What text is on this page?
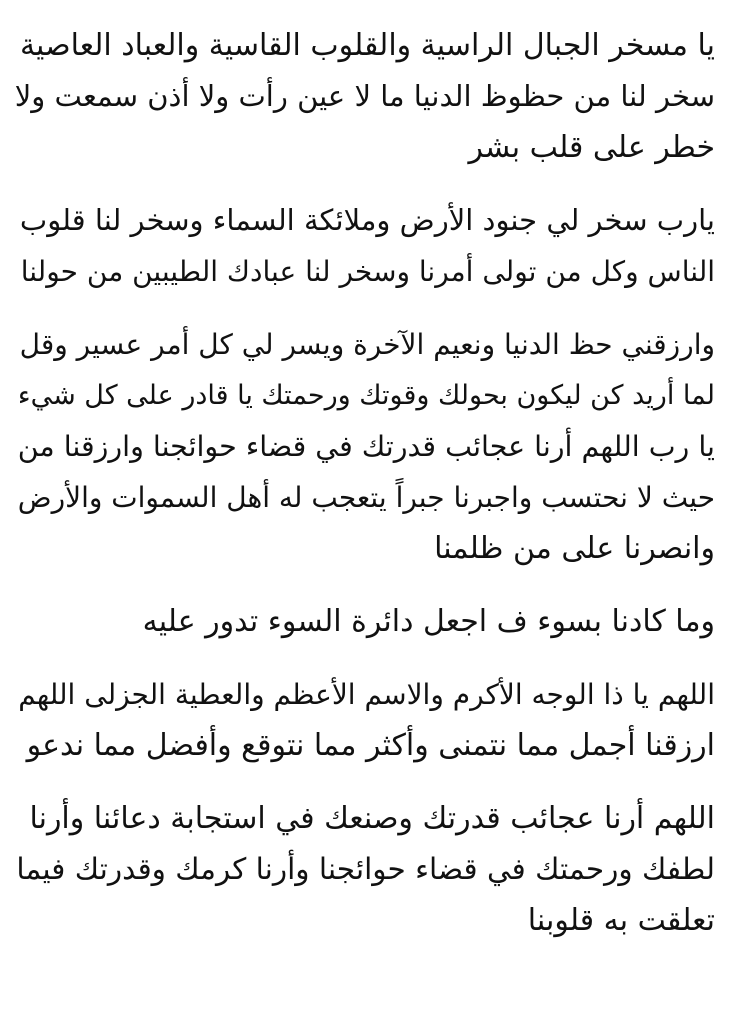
يا مسخر الجبال الراسية والقلوب القاسية والعباد العاصية
سخر لنا من حظوظ الدنيا ما لا عين رأت ولا أذن سمعت ولا
خطر على قلب بشر
يارب سخر لي جنود الأرض وملائكة السماء وسخر لنا قلوب
الناس وكل من تولى أمرنا وسخر لنا عبادك الطيبين من حولنا
وارزقني حظ الدنيا ونعيم الآخرة ويسر لي كل أمر عسير وقل
لما أريد كن ليكون بحولك وقوتك ورحمتك يا قادر على كل شيء
يا رب اللهم أرنا عجائب قدرتك في قضاء حوائجنا وارزقنا من
حيث لا نحتسب واجبرنا جبراً يتعجب له أهل السموات والأرض
وانصرنا على من ظلمنا
وما كادنا بسوء ف اجعل دائرة السوء تدور عليه
اللهم يا ذا الوجه الأكرم والاسم الأعظم والعطية الجزلى اللهم
ارزقنا أجمل مما نتمنى وأكثر مما نتوقع وأفضل مما ندعو
اللهم أرنا عجائب قدرتك وصنعك في استجابة دعائنا وأرنا
لطفك ورحمتك في قضاء حوائجنا وأرنا كرمك وقدرتك فيما
تعلقت به قلوبنا
